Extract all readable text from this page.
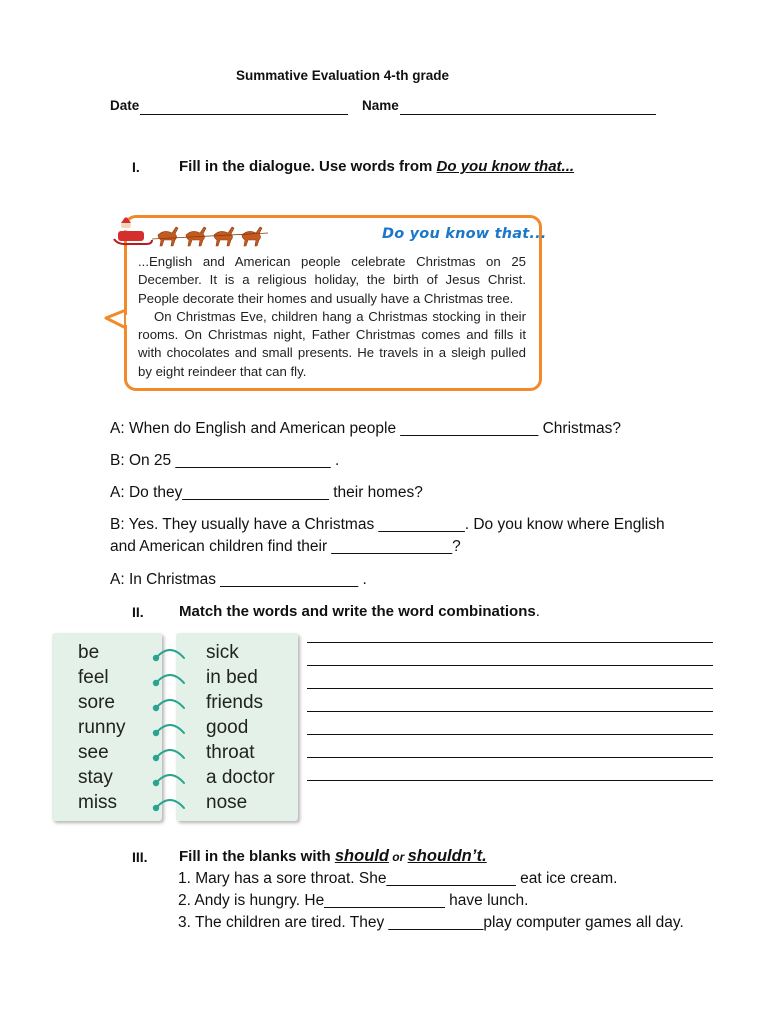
Summative Evaluation 4-th grade
Date	Name
I.	Fill in the dialogue. Use words from Do you know that...
Do you know that...

...English and American people celebrate Christmas on 25 December. It is a religious holiday, the birth of Jesus Christ. People decorate their homes and usually have a Christmas tree.

On Christmas Eve, children hang a Christmas stocking in their rooms. On Christmas night, Father Christmas comes and fills it with chocolates and small presents. He travels in a sleigh pulled by eight reindeer that can fly.

A: When do English and American people ________________ Christmas?
B: On 25 __________________ .
A: Do they_________________ their homes?
B: Yes. They usually have a Christmas __________. Do you know where English
and American children find their ______________?
A: In Christmas ________________ .
II. Match the words and write the word combinations.
be
feel
sore
runny
see
stay
miss
sick
in bed
friends
good
throat
a doctor
nose
III. Fill in the blanks with should or shouldn’t.
1. Mary has a sore throat. She_______________ eat ice cream.
2. Andy is hungry. He______________ have lunch.
3. The children are tired. They ___________play computer games all day.
